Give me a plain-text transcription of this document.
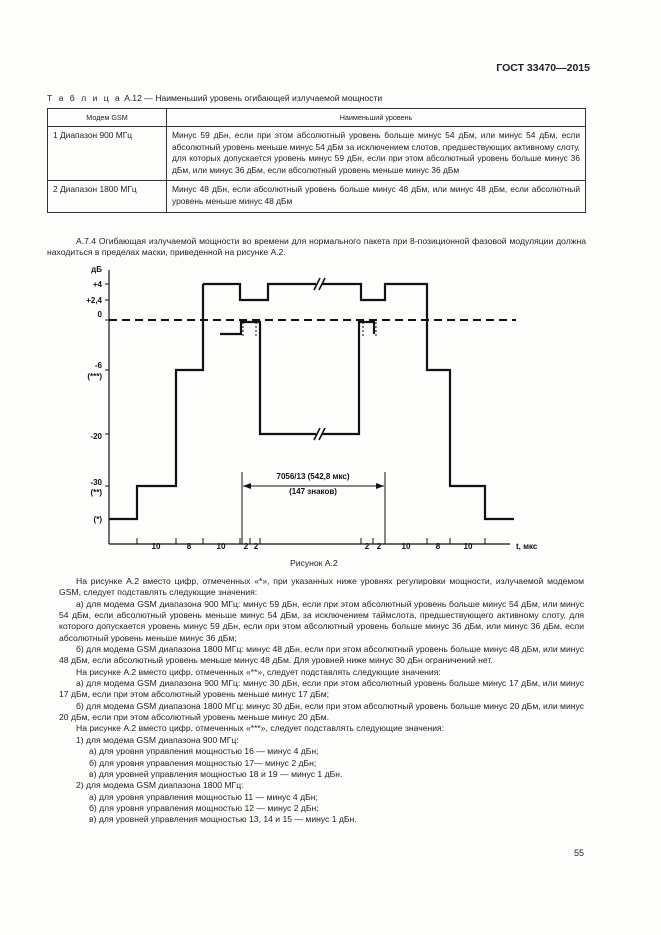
ГОСТ 33470—2015
Т а б л и ц а А.12 — Наименьший уровень огибающей излучаемой мощности
Модем GSM	Наименьший уровень
1 Диапазон 900 МГц	Минус 59 дБн, если при этом абсолютный уровень больше минус 54 дБм, или минус 54 дБм, если абсолютный уровень меньше минус 54 дБм за исключением слотов, предшествующих активному слоту, для которых допускается уровень минус 59 дБн, если при этом абсолютный уровень больше минус 36 дБм, или минус 36 дБм, если абсолютный уровень меньше минус 36 дБм
2 Диапазон 1800 МГц	Минус 48 дБн, если абсолютный уровень больше минус 48 дБм, или минус 48 дБм, если абсолютный уровень меньше минус 48 дБм
А.7.4 Огибающая излучаемой мощности во времени для нормального пакета при 8-позиционной фазовой модуляции должна находиться в пределах маски, приведенной на рисунке А.2.
7056/13 (542,8 мкс)
(147 знаков)
дБ
+4
+2,4
0
-6
(***)
-20
-30
(**)
(*)
10	8	10 2 2	2 2	10	8	10	t, мкс
Рисунок А.2
На рисунке А.2 вместо цифр, отмеченных «*», при указанных ниже уровнях регулировки мощности, излучаемой модемом GSM, следует подставлять следующие значения:
а) для модема GSM диапазона 900 МГц: минус 59 дБн, если при этом абсолютный уровень больше минус 54 дБм, или минус 54 дБм, если абсолютный уровень меньше минус 54 дБм, за исключением таймслота, предшествующего активному слоту, для которого допускается уровень минус 59 дБн, если при этом абсолютный уровень больше минус 36 дБм, или минус 36 дБм, если абсолютный уровень меньше минус 36 дБм;
б) для модема GSM диапазона 1800 МГц: минус 48 дБн, если при этом абсолютный уровень больше минус 48 дБм, или минус 48 дБм, если абсолютный уровень меньше минус 48 дБм. Для уровней ниже минус 30 дБн ограничений нет.
На рисунке А.2 вместо цифр, отмеченных «**», следует подставлять следующие значения:
а) для модема GSM диапазона 900 МГц: минус 30 дБн, если при этом абсолютный уровень больше минус 17 дБм, или минус 17 дБм, если при этом абсолютный уровень меньше минус 17 дБм;
б) для модема GSM диапазона 1800 МГц: минус 30 дБн, если при этом абсолютный уровень больше минус 20 дБм, или минус 20 дБм, если при этом абсолютный уровень меньше минус 20 дБм.
На рисунке А.2 вместо цифр, отмеченных «***», следует подставлять следующие значения:
1) для модема GSM диапазона 900 МГц:
а) для уровня управления мощностью 16 — минус 4 дБн;
б) для уровня управления мощностью 17— минус 2 дБн;
в) для уровней управления мощностью 18 и 19 — минус 1 дБн.
2) для модема GSM диапазона 1800 МГц:
а) для уровня управления мощностью 11 — минус 4 дБн;
б) для уровня управления мощностью 12 — минус 2 дБн;
в) для уровней управления мощностью 13, 14 и 15 — минус 1 дБн.
55
